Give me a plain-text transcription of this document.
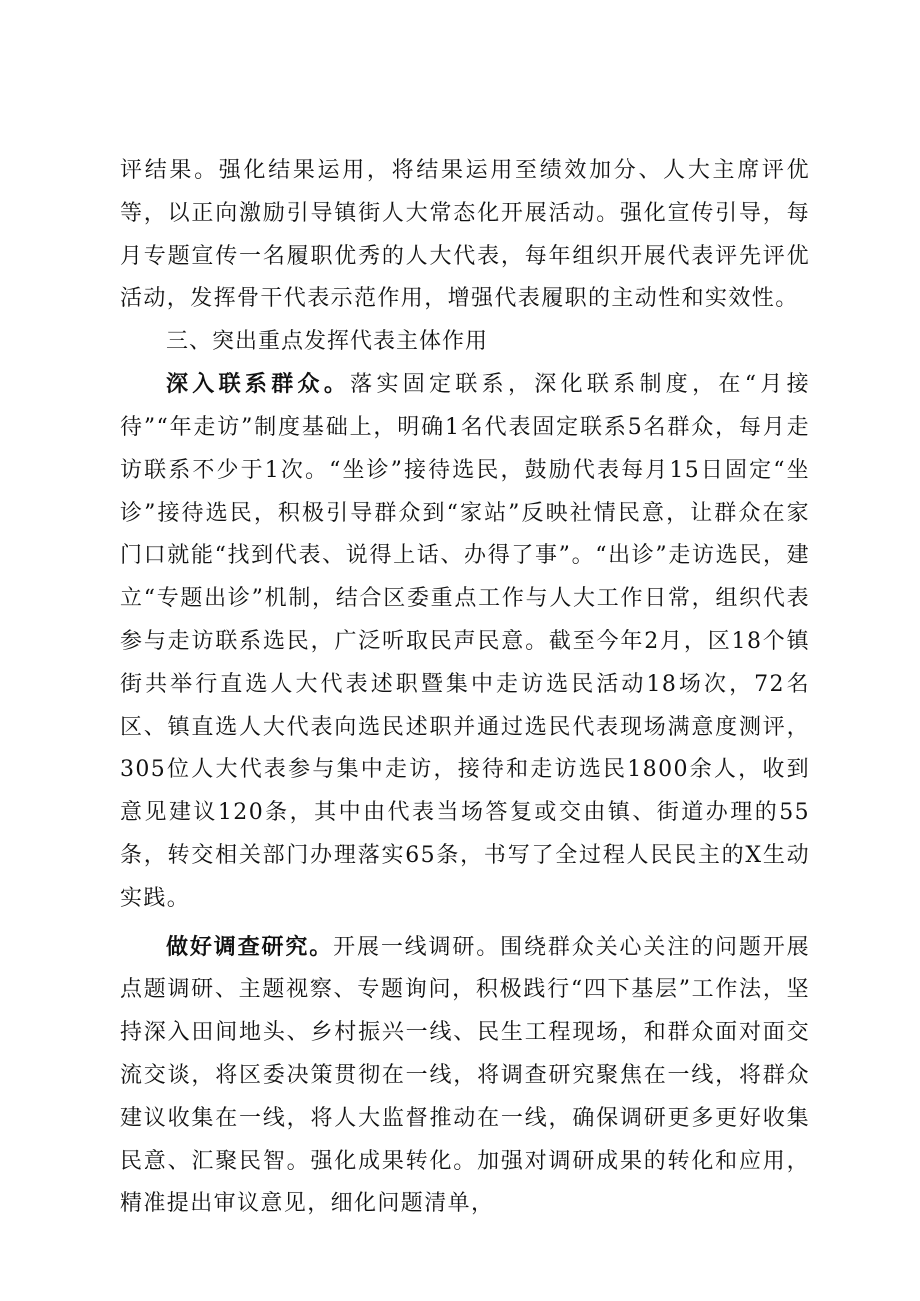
评结果。强化结果运用，将结果运用至绩效加分、人大主席评优等，以正向激励引导镇街人大常态化开展活动。强化宣传引导，每月专题宣传一名履职优秀的人大代表，每年组织开展代表评先评优活动，发挥骨干代表示范作用，增强代表履职的主动性和实效性。

三、突出重点发挥代表主体作用

深入联系群众。落实固定联系，深化联系制度，在“月接待”“年走访”制度基础上，明确1名代表固定联系5名群众，每月走访联系不少于1次。“坐诊”接待选民，鼓励代表每月15日固定“坐诊”接待选民，积极引导群众到“家站”反映社情民意，让群众在家门口就能“找到代表、说得上话、办得了事”。“出诊”走访选民，建立“专题出诊”机制，结合区委重点工作与人大工作日常，组织代表参与走访联系选民，广泛听取民声民意。截至今年2月，区18个镇街共举行直选人大代表述职暨集中走访选民活动18场次，72名区、镇直选人大代表向选民述职并通过选民代表现场满意度测评，305位人大代表参与集中走访，接待和走访选民1800余人，收到意见建议120条，其中由代表当场答复或交由镇、街道办理的55条，转交相关部门办理落实65条，书写了全过程人民民主的X生动实践。

做好调查研究。开展一线调研。围绕群众关心关注的问题开展点题调研、主题视察、专题询问，积极践行“四下基层”工作法，坚持深入田间地头、乡村振兴一线、民生工程现场，和群众面对面交流交谈，将区委决策贯彻在一线，将调查研究聚焦在一线，将群众建议收集在一线，将人大监督推动在一线，确保调研更多更好收集民意、汇聚民智。强化成果转化。加强对调研成果的转化和应用，精准提出审议意见，细化问题清单，
